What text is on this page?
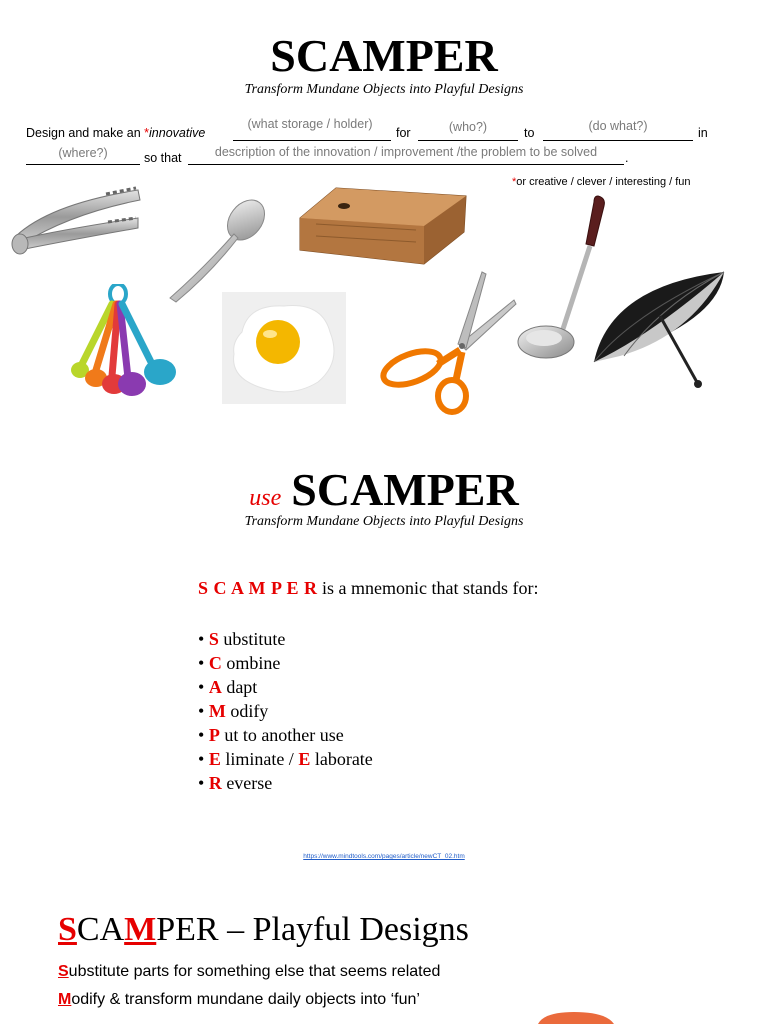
SCAMPER
Transform Mundane Objects into Playful Designs
Design and make an *innovative
(what storage / holder)
for	(who?)	to	(do what?)	in
(where?)	so that	description of the innovation / improvement /the problem to be solved	.
*or creative / clever / interesting / fun
use SCAMPER
Transform Mundane Objects into Playful Designs
S C A M P E R is a mnemonic that stands for:
• S ubstitute
• C ombine
• A dapt
• M odify
• P ut to another use
• E liminate / E laborate
• R everse
https://www.mindtools.com/pages/article/newCT_02.htm
SCAMPER – Playful Designs
Substitute parts for something else that seems related
Modify & transform mundane daily objects into ‘fun’
